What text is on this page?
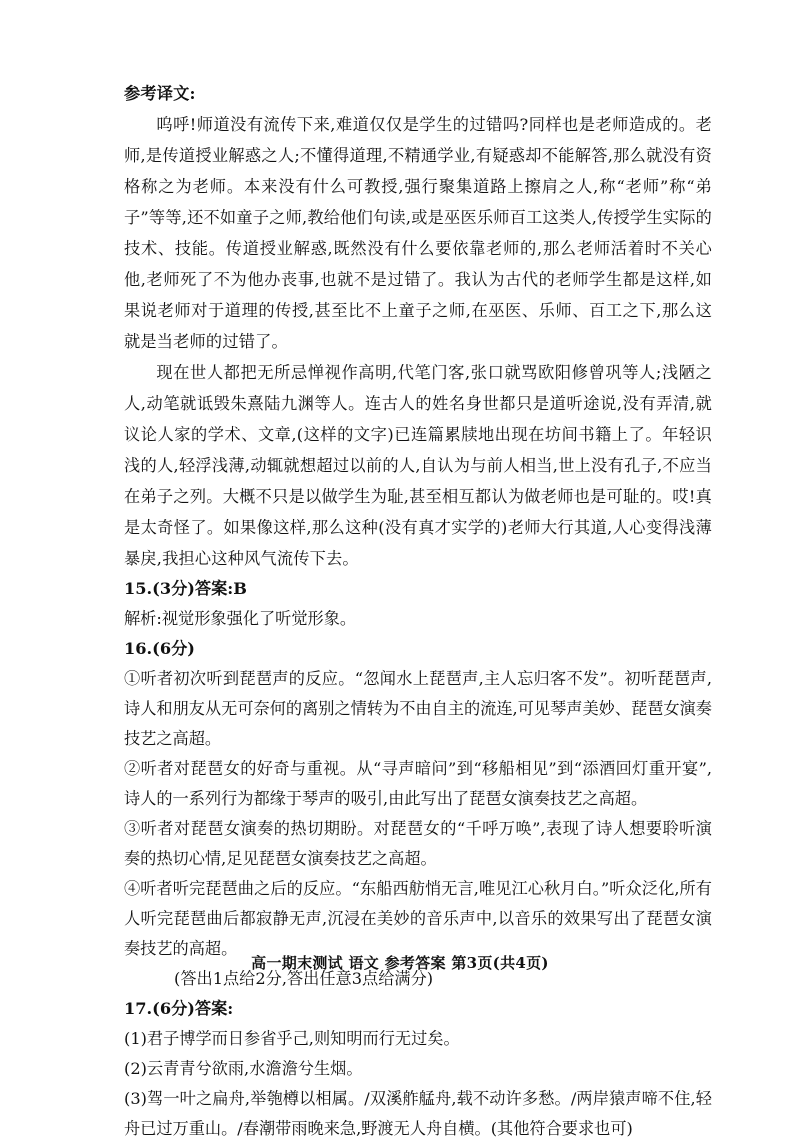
参考译文:

呜呼!师道没有流传下来,难道仅仅是学生的过错吗?同样也是老师造成的。老师,是传道授业解惑之人;不懂得道理,不精通学业,有疑惑却不能解答,那么就没有资格称之为老师。本来没有什么可教授,强行聚集道路上擦肩之人,称“老师”称“弟子”等等,还不如童子之师,教给他们句读,或是巫医乐师百工这类人,传授学生实际的技术、技能。传道授业解惑,既然没有什么要依靠老师的,那么老师活着时不关心他,老师死了不为他办丧事,也就不是过错了。我认为古代的老师学生都是这样,如果说老师对于道理的传授,甚至比不上童子之师,在巫医、乐师、百工之下,那么这就是当老师的过错了。

现在世人都把无所忌惮视作高明,代笔门客,张口就骂欧阳修曾巩等人;浅陋之人,动笔就诋毁朱熹陆九渊等人。连古人的姓名身世都只是道听途说,没有弄清,就议论人家的学术、文章,(这样的文字)已连篇累牍地出现在坊间书籍上了。年轻识浅的人,轻浮浅薄,动辄就想超过以前的人,自认为与前人相当,世上没有孔子,不应当在弟子之列。大概不只是以做学生为耻,甚至相互都认为做老师也是可耻的。哎!真是太奇怪了。如果像这样,那么这种(没有真才实学的)老师大行其道,人心变得浅薄暴戾,我担心这种风气流传下去。

15.(3分)答案:B

解析:视觉形象强化了听觉形象。

16.(6分)

①听者初次听到琵琶声的反应。“忽闻水上琵琶声,主人忘归客不发”。初听琵琶声,诗人和朋友从无可奈何的离别之情转为不由自主的流连,可见琴声美妙、琵琶女演奏技艺之高超。

②听者对琵琶女的好奇与重视。从“寻声暗问”到“移船相见”到“添酒回灯重开宴”,诗人的一系列行为都缘于琴声的吸引,由此写出了琵琶女演奏技艺之高超。

③听者对琵琶女演奏的热切期盼。对琵琶女的“千呼万唤”,表现了诗人想要聆听演奏的热切心情,足见琵琶女演奏技艺之高超。

④听者听完琵琶曲之后的反应。“东船西舫悄无言,唯见江心秋月白。”听众泛化,所有人听完琵琶曲后都寂静无声,沉浸在美妙的音乐声中,以音乐的效果写出了琵琶女演奏技艺的高超。

(答出1点给2分,答出任意3点给满分)

17.(6分)答案:

(1)君子博学而日参省乎己,则知明而行无过矣。

(2)云青青兮欲雨,水澹澹兮生烟。

(3)驾一叶之扁舟,举匏樽以相属。/双溪舴艋舟,载不动许多愁。/两岸猿声啼不住,轻舟已过万重山。/春潮带雨晚来急,野渡无人舟自横。(其他符合要求也可)

高一期末测试 语文 参考答案 第3页(共4页)
